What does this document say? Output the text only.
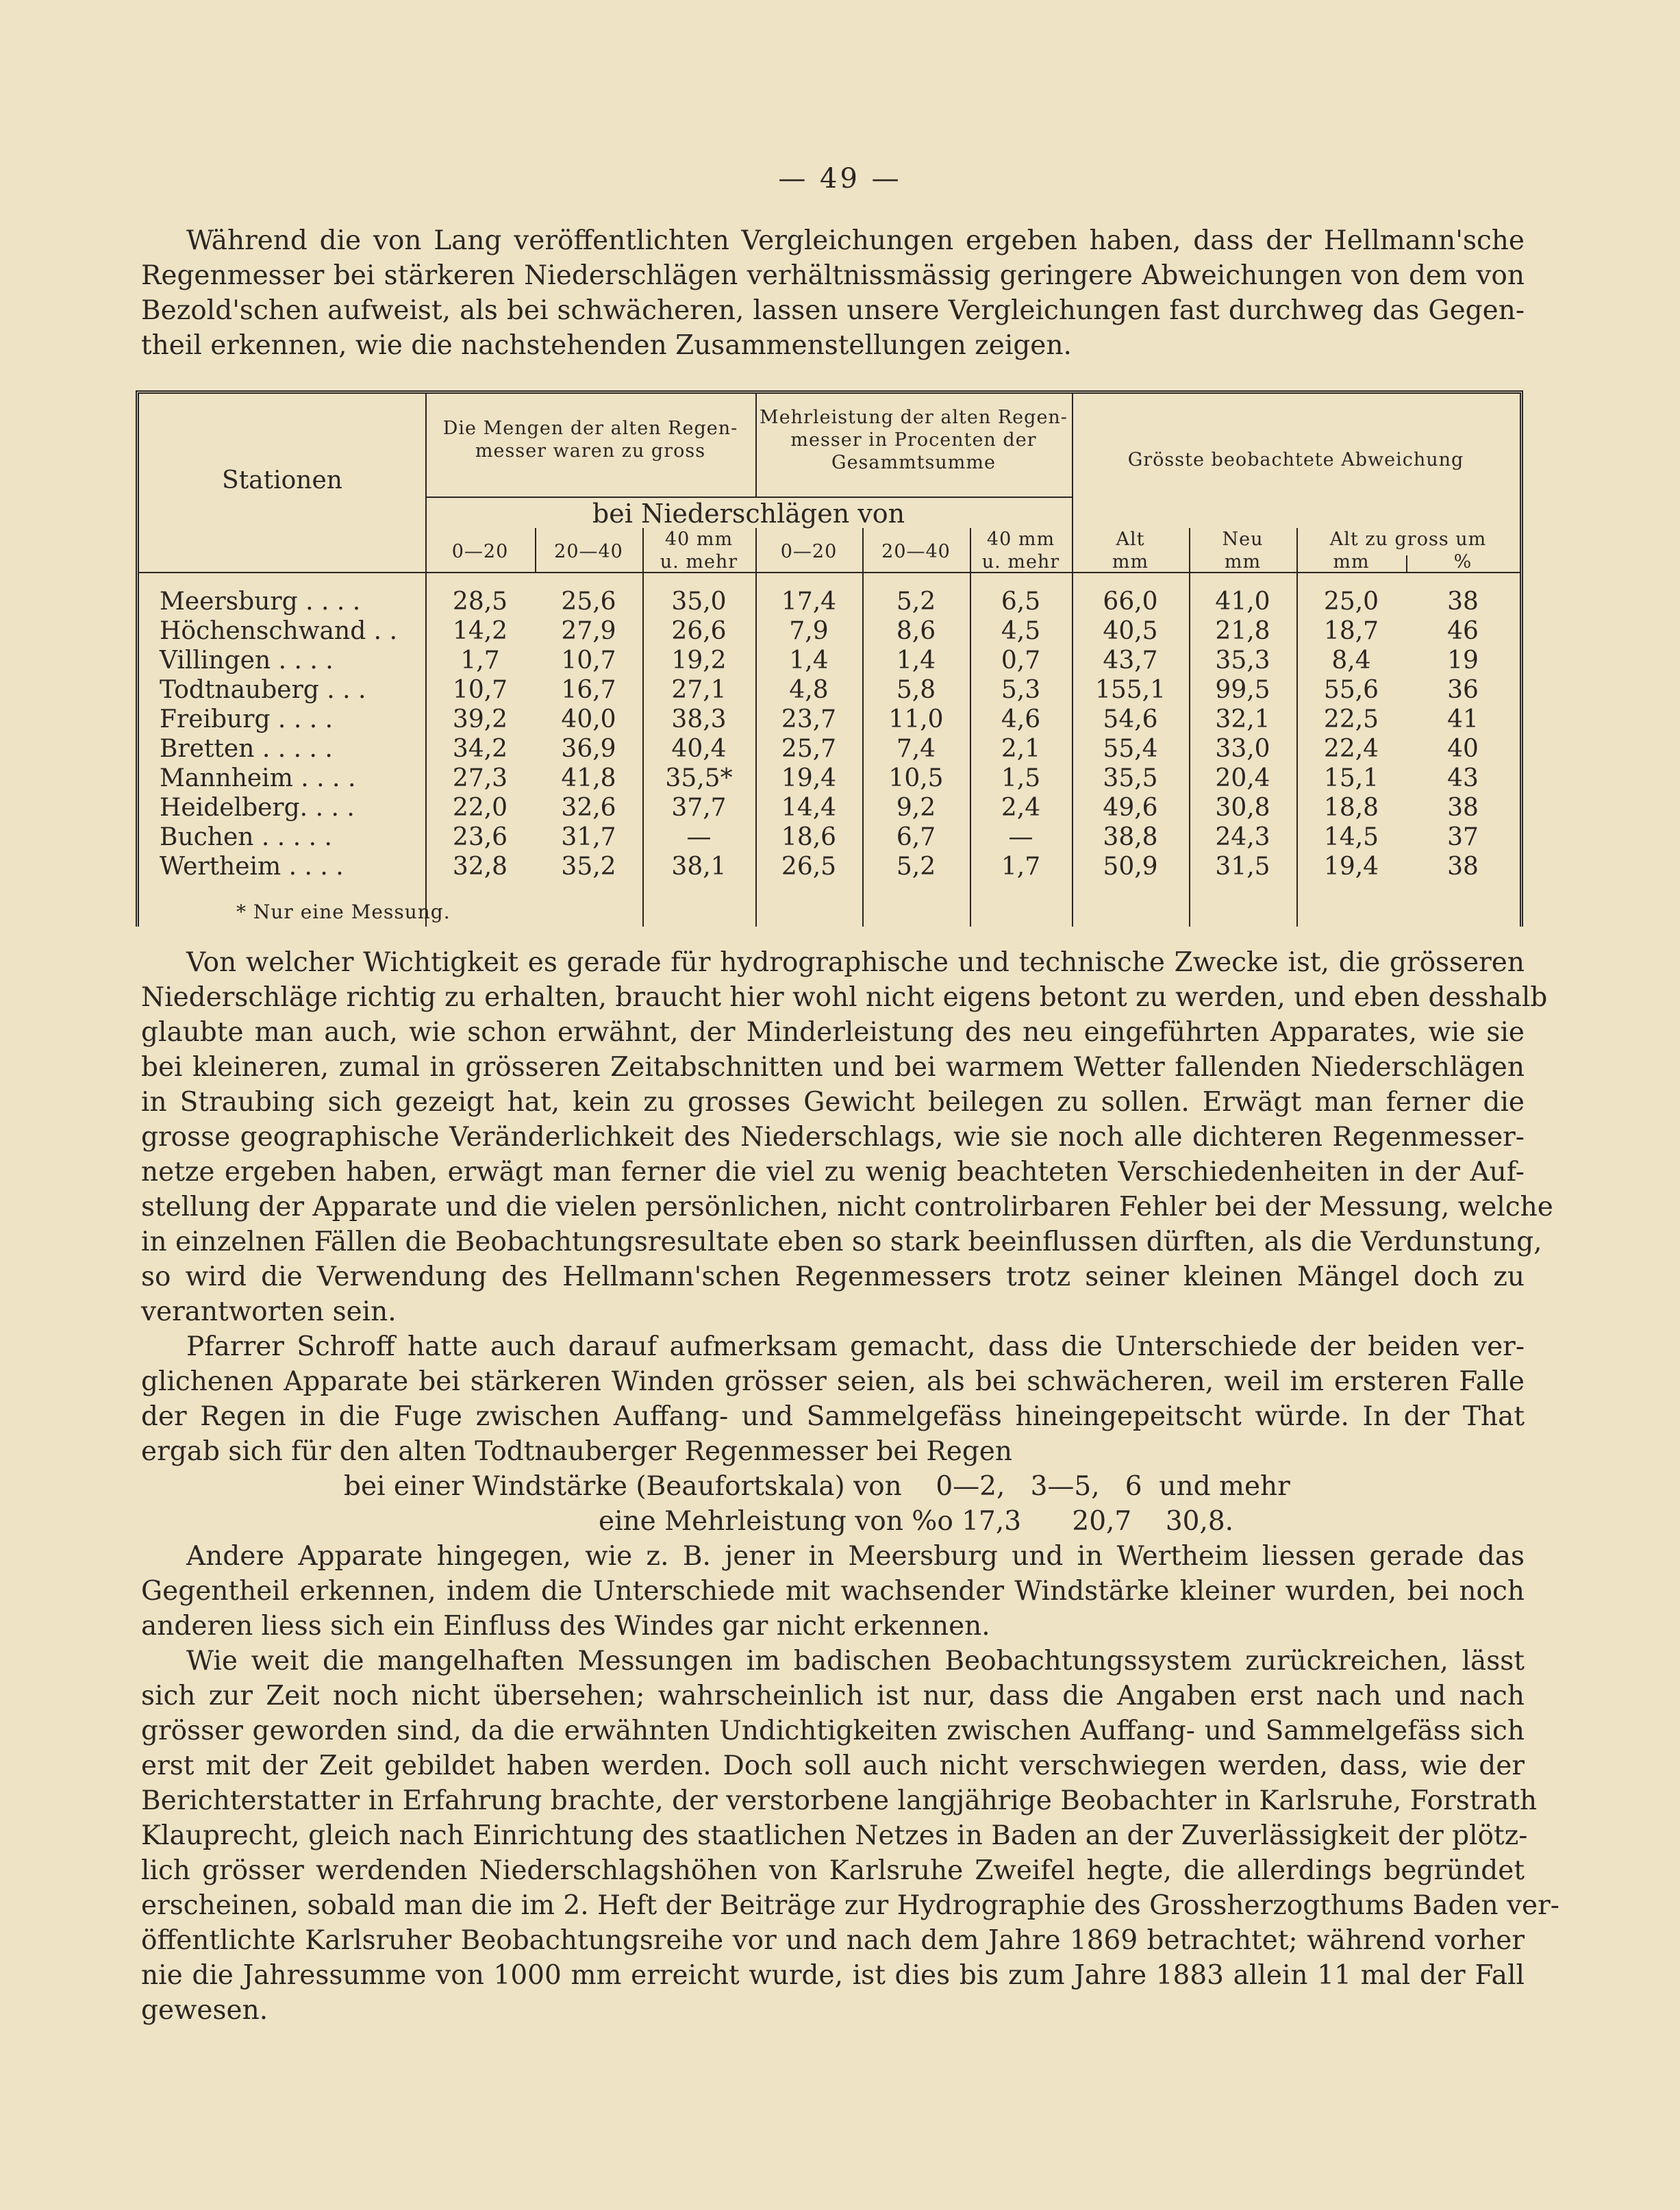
— 49 —
Während die von Lang veröffentlichten Vergleichungen ergeben haben, dass der Hellmann'sche
Regenmesser bei stärkeren Niederschlägen verhältnissmässig geringere Abweichungen von dem von
Bezold'schen aufweist, als bei schwächeren, lassen unsere Vergleichungen fast durchweg das Gegen-
theil erkennen, wie die nachstehenden Zusammenstellungen zeigen.
Stationen
Die Mengen der alten Regen-
messer waren zu gross
Mehrleistung der alten Regen-
messer in Procenten der
Gesammtsumme	Grösste beobachtete Abweichung
bei Niederschlägen von
0—20	20—40
40 mm
u. mehr	0—20	20—40
40 mm
u. mehr
Alt
mm
Neu
mm
Alt zu gross um
mm	%
Meersburg . . . .	28,5	25,6	35,0	17,4	5,2	6,5	66,0	41,0	25,0	38
Höchenschwand . .	14,2	27,9	26,6	7,9	8,6	4,5	40,5	21,8	18,7	46
Villingen . . . .	1,7	10,7	19,2	1,4	1,4	0,7	43,7	35,3	8,4	19
Todtnauberg . . .	10,7	16,7	27,1	4,8	5,8	5,3	155,1	99,5	55,6	36
Freiburg . . . .	39,2	40,0	38,3	23,7	11,0	4,6	54,6	32,1	22,5	41
Bretten . . . . .	34,2	36,9	40,4	25,7	7,4	2,1	55,4	33,0	22,4	40
Mannheim . . . .	27,3	41,8	35,5*	19,4	10,5	1,5	35,5	20,4	15,1	43
Heidelberg. . . .	22,0	32,6	37,7	14,4	9,2	2,4	49,6	30,8	18,8	38
Buchen . . . . .	23,6	31,7	—	18,6	6,7	—	38,8	24,3	14,5	37
Wertheim . . . .	32,8	35,2	38,1	26,5	5,2	1,7	50,9	31,5	19,4	38
* Nur eine Messung.
Von welcher Wichtigkeit es gerade für hydrographische und technische Zwecke ist, die grösseren
Niederschläge richtig zu erhalten, braucht hier wohl nicht eigens betont zu werden, und eben desshalb
glaubte man auch, wie schon erwähnt, der Minderleistung des neu eingeführten Apparates, wie sie
bei kleineren, zumal in grösseren Zeitabschnitten und bei warmem Wetter fallenden Niederschlägen
in Straubing sich gezeigt hat, kein zu grosses Gewicht beilegen zu sollen. Erwägt man ferner die
grosse geographische Veränderlichkeit des Niederschlags, wie sie noch alle dichteren Regenmesser-
netze ergeben haben, erwägt man ferner die viel zu wenig beachteten Verschiedenheiten in der Auf-
stellung der Apparate und die vielen persönlichen, nicht controlirbaren Fehler bei der Messung, welche
in einzelnen Fällen die Beobachtungsresultate eben so stark beeinflussen dürften, als die Verdunstung,
so wird die Verwendung des Hellmann'schen Regenmessers trotz seiner kleinen Mängel doch zu
verantworten sein.
Pfarrer Schroff hatte auch darauf aufmerksam gemacht, dass die Unterschiede der beiden ver-
glichenen Apparate bei stärkeren Winden grösser seien, als bei schwächeren, weil im ersteren Falle
der Regen in die Fuge zwischen Auffang- und Sammelgefäss hineingepeitscht würde. In der That
ergab sich für den alten Todtnauberger Regenmesser bei Regen
bei einer Windstärke (Beaufortskala) von    0—2,   3—5,   6  und mehr
eine Mehrleistung von %o 17,3      20,7    30,8.
Andere Apparate hingegen, wie z. B. jener in Meersburg und in Wertheim liessen gerade das
Gegentheil erkennen, indem die Unterschiede mit wachsender Windstärke kleiner wurden, bei noch
anderen liess sich ein Einfluss des Windes gar nicht erkennen.
Wie weit die mangelhaften Messungen im badischen Beobachtungssystem zurückreichen, lässt
sich zur Zeit noch nicht übersehen; wahrscheinlich ist nur, dass die Angaben erst nach und nach
grösser geworden sind, da die erwähnten Undichtigkeiten zwischen Auffang- und Sammelgefäss sich
erst mit der Zeit gebildet haben werden. Doch soll auch nicht verschwiegen werden, dass, wie der
Berichterstatter in Erfahrung brachte, der verstorbene langjährige Beobachter in Karlsruhe, Forstrath
Klauprecht, gleich nach Einrichtung des staatlichen Netzes in Baden an der Zuverlässigkeit der plötz-
lich grösser werdenden Niederschlagshöhen von Karlsruhe Zweifel hegte, die allerdings begründet
erscheinen, sobald man die im 2. Heft der Beiträge zur Hydrographie des Grossherzogthums Baden ver-
öffentlichte Karlsruher Beobachtungsreihe vor und nach dem Jahre 1869 betrachtet; während vorher
nie die Jahressumme von 1000 mm erreicht wurde, ist dies bis zum Jahre 1883 allein 11 mal der Fall
gewesen.
